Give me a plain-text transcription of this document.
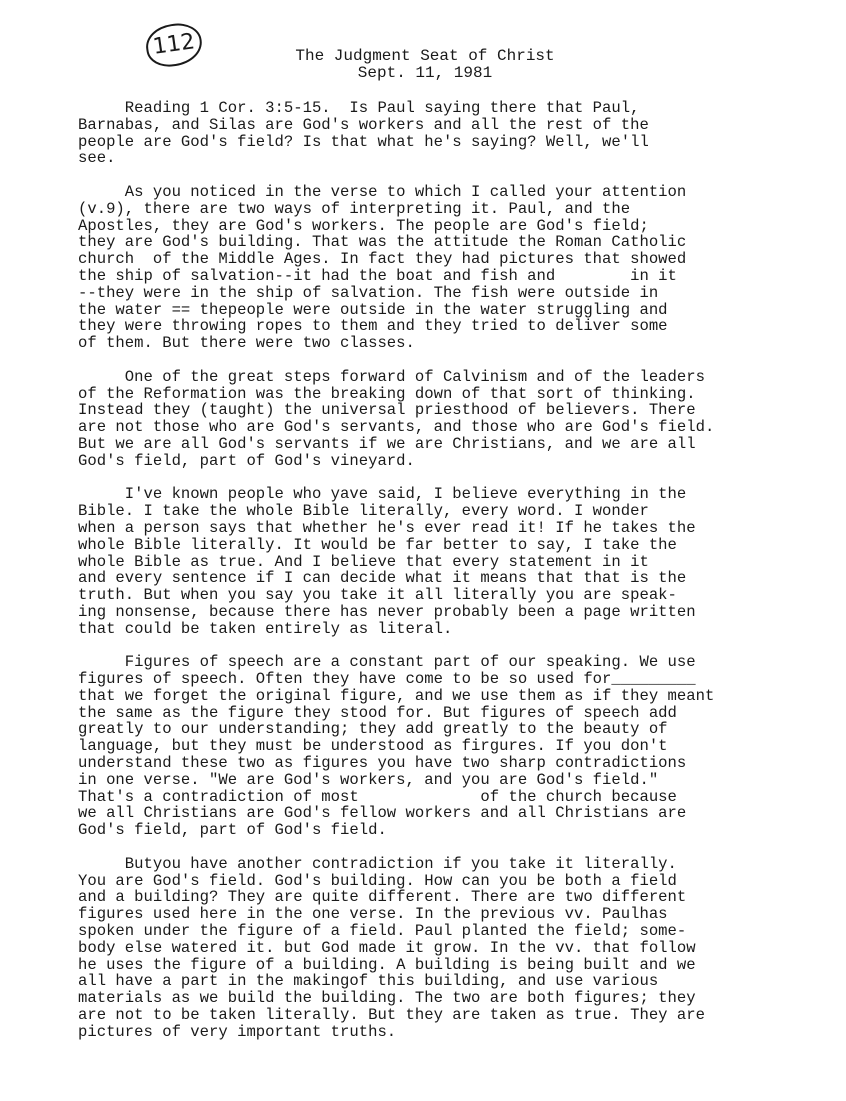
112	The Judgment Seat of Christ
Sept. 11, 1981
Reading 1 Cor. 3:5-15.  Is Paul saying there that Paul,
Barnabas, and Silas are God's workers and all the rest of the
people are God's field? Is that what he's saying? Well, we'll
see.
As you noticed in the verse to which I called your attention
(v.9), there are two ways of interpreting it. Paul, and the
Apostles, they are God's workers. The people are God's field;
they are God's building. That was the attitude the Roman Catholic
church  of the Middle Ages. In fact they had pictures that showed
the ship of salvation--it had the boat and fish and        in it
--they were in the ship of salvation. The fish were outside in
the water == thepeople were outside in the water struggling and
they were throwing ropes to them and they tried to deliver some
of them. But there were two classes.
One of the great steps forward of Calvinism and of the leaders
of the Reformation was the breaking down of that sort of thinking.
Instead they (taught) the universal priesthood of believers. There
are not those who are God's servants, and those who are God's field.
But we are all God's servants if we are Christians, and we are all
God's field, part of God's vineyard.
I've known people who yave said, I believe everything in the
Bible. I take the whole Bible literally, every word. I wonder
when a person says that whether he's ever read it! If he takes the
whole Bible literally. It would be far better to say, I take the
whole Bible as true. And I believe that every statement in it
and every sentence if I can decide what it means that that is the
truth. But when you say you take it all literally you are speak-
ing nonsense, because there has never probably been a page written
that could be taken entirely as literal.
Figures of speech are a constant part of our speaking. We use
figures of speech. Often they have come to be so used for_________
that we forget the original figure, and we use them as if they meant
the same as the figure they stood for. But figures of speech add
greatly to our understanding; they add greatly to the beauty of
language, but they must be understood as firgures. If you don't
understand these two as figures you have two sharp contradictions
in one verse. "We are God's workers, and you are God's field."
That's a contradiction of most             of the church because
we all Christians are God's fellow workers and all Christians are
God's field, part of God's field.
Butyou have another contradiction if you take it literally.
You are God's field. God's building. How can you be both a field
and a building? They are quite different. There are two different
figures used here in the one verse. In the previous vv. Paulhas
spoken under the figure of a field. Paul planted the field; some-
body else watered it. but God made it grow. In the vv. that follow
he uses the figure of a building. A building is being built and we
all have a part in the makingof this building, and use various
materials as we build the building. The two are both figures; they
are not to be taken literally. But they are taken as true. They are
pictures of very important truths.
